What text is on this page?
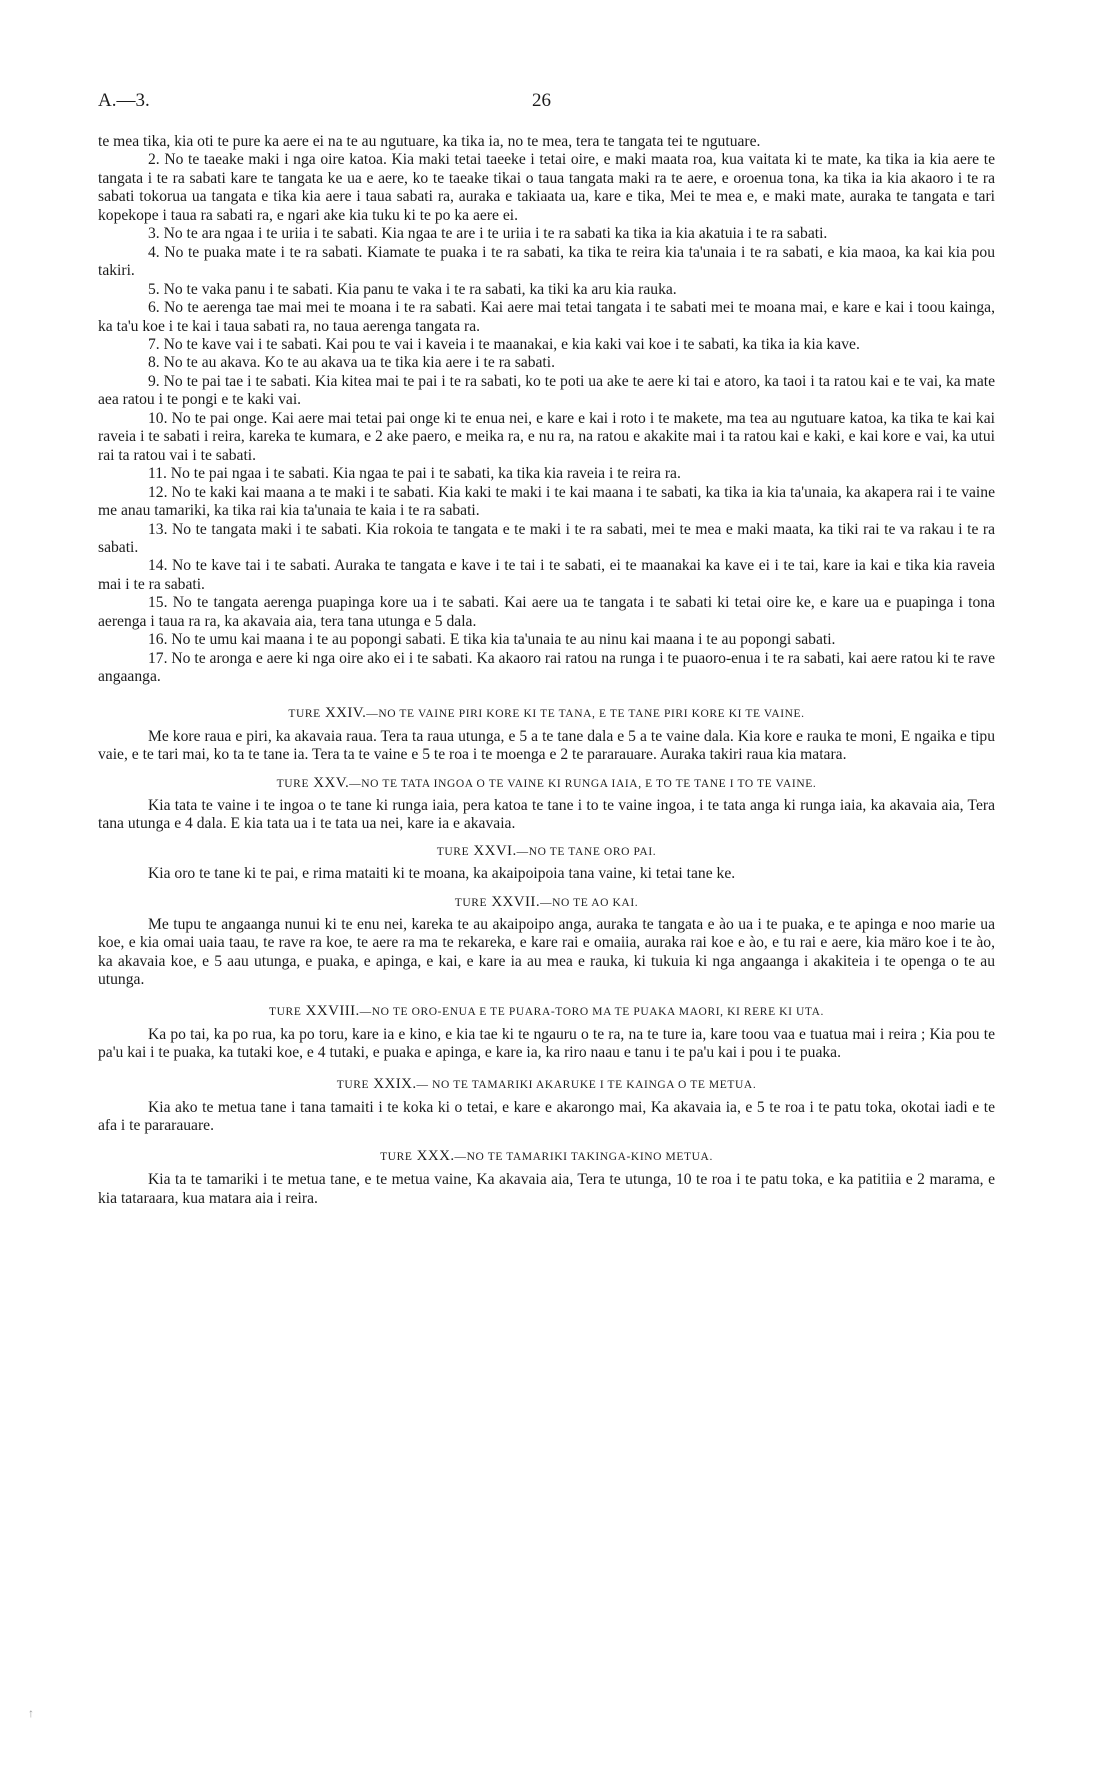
A.—3.	26

te mea tika, kia oti te pure ka aere ei na te au ngutuare, ka tika ia, no te mea, tera te tangata tei te ngutuare.

2. No te taeake maki i nga oire katoa. Kia maki tetai taeeke i tetai oire, e maki maata roa, kua vaitata ki te mate, ka tika ia kia aere te tangata i te ra sabati kare te tangata ke ua e aere, ko te taeake tikai o taua tangata maki ra te aere, e oroenua tona, ka tika ia kia akaoro i te ra sabati tokorua ua tangata e tika kia aere i taua sabati ra, auraka e takiaata ua, kare e tika, Mei te mea e, e maki mate, auraka te tangata e tari kopekope i taua ra sabati ra, e ngari ake kia tuku ki te po ka aere ei.

3. No te ara ngaa i te uriia i te sabati. Kia ngaa te are i te uriia i te ra sabati ka tika ia kia akatuia i te ra sabati.

4. No te puaka mate i te ra sabati. Kiamate te puaka i te ra sabati, ka tika te reira kia ta'unaia i te ra sabati, e kia maoa, ka kai kia pou takiri.

5. No te vaka panu i te sabati. Kia panu te vaka i te ra sabati, ka tiki ka aru kia rauka.

6. No te aerenga tae mai mei te moana i te ra sabati. Kai aere mai tetai tangata i te sabati mei te moana mai, e kare e kai i toou kainga, ka ta'u koe i te kai i taua sabati ra, no taua aerenga tangata ra.

7. No te kave vai i te sabati. Kai pou te vai i kaveia i te maanakai, e kia kaki vai koe i te sabati, ka tika ia kia kave.

8. No te au akava. Ko te au akava ua te tika kia aere i te ra sabati.

9. No te pai tae i te sabati. Kia kitea mai te pai i te ra sabati, ko te poti ua ake te aere ki tai e atoro, ka taoi i ta ratou kai e te vai, ka mate aea ratou i te pongi e te kaki vai.

10. No te pai onge. Kai aere mai tetai pai onge ki te enua nei, e kare e kai i roto i te makete, ma tea au ngutuare katoa, ka tika te kai kai raveia i te sabati i reira, kareka te kumara, e 2 ake paero, e meika ra, e nu ra, na ratou e akakite mai i ta ratou kai e kaki, e kai kore e vai, ka utui rai ta ratou vai i te sabati.

11. No te pai ngaa i te sabati. Kia ngaa te pai i te sabati, ka tika kia raveia i te reira ra.

12. No te kaki kai maana a te maki i te sabati. Kia kaki te maki i te kai maana i te sabati, ka tika ia kia ta'unaia, ka akapera rai i te vaine me anau tamariki, ka tika rai kia ta'unaia te kaia i te ra sabati.

13. No te tangata maki i te sabati. Kia rokoia te tangata e te maki i te ra sabati, mei te mea e maki maata, ka tiki rai te va rakau i te ra sabati.

14. No te kave tai i te sabati. Auraka te tangata e kave i te tai i te sabati, ei te maanakai ka kave ei i te tai, kare ia kai e tika kia raveia mai i te ra sabati.

15. No te tangata aerenga puapinga kore ua i te sabati. Kai aere ua te tangata i te sabati ki tetai oire ke, e kare ua e puapinga i tona aerenga i taua ra ra, ka akavaia aia, tera tana utunga e 5 dala.

16. No te umu kai maana i te au popongi sabati. E tika kia ta'unaia te au ninu kai maana i te au popongi sabati.

17. No te aronga e aere ki nga oire ako ei i te sabati. Ka akaoro rai ratou na runga i te puaoro-enua i te ra sabati, kai aere ratou ki te rave angaanga.

TURE XXIV.—NO TE VAINE PIRI KORE KI TE TANA, E TE TANE PIRI KORE KI TE VAINE.

Me kore raua e piri, ka akavaia raua. Tera ta raua utunga, e 5 a te tane dala e 5 a te vaine dala. Kia kore e rauka te moni, E ngaika e tipu vaie, e te tari mai, ko ta te tane ia. Tera ta te vaine e 5 te roa i te moenga e 2 te pararauare. Auraka takiri raua kia matara.

TURE XXV.—NO TE TATA INGOA O TE VAINE KI RUNGA IAIA, E TO TE TANE I TO TE VAINE.

Kia tata te vaine i te ingoa o te tane ki runga iaia, pera katoa te tane i to te vaine ingoa, i te tata anga ki runga iaia, ka akavaia aia, Tera tana utunga e 4 dala. E kia tata ua i te tata ua nei, kare ia e akavaia.

TURE XXVI.—NO TE TANE ORO PAI.

Kia oro te tane ki te pai, e rima mataiti ki te moana, ka akaipoipoia tana vaine, ki tetai tane ke.

TURE XXVII.—NO TE AO KAI.

Me tupu te angaanga nunui ki te enu nei, kareka te au akaipoipo anga, auraka te tangata e ào ua i te puaka, e te apinga e noo marie ua koe, e kia omai uaia taau, te rave ra koe, te aere ra ma te rekareka, e kare rai e omaiia, auraka rai koe e ào, e tu rai e aere, kia märo koe i te ào, ka akavaia koe, e 5 aau utunga, e puaka, e apinga, e kai, e kare ia au mea e rauka, ki tukuia ki nga angaanga i akakiteia i te openga o te au utunga.

TURE XXVIII.—NO TE ORO-ENUA E TE PUARA-TORO MA TE PUAKA MAORI, KI RERE KI UTA.

Ka po tai, ka po rua, ka po toru, kare ia e kino, e kia tae ki te ngauru o te ra, na te ture ia, kare toou vaa e tuatua mai i reira ; Kia pou te pa'u kai i te puaka, ka tutaki koe, e 4 tutaki, e puaka e apinga, e kare ia, ka riro naau e tanu i te pa'u kai i pou i te puaka.

TURE XXIX.— NO TE TAMARIKI AKARUKE I TE KAINGA O TE METUA.

Kia ako te metua tane i tana tamaiti i te koka ki o tetai, e kare e akarongo mai, Ka akavaia ia, e 5 te roa i te patu toka, okotai iadi e te afa i te pararauare.

TURE XXX.—NO TE TAMARIKI TAKINGA-KINO METUA.

Kia ta te tamariki i te metua tane, e te metua vaine, Ka akavaia aia, Tera te utunga, 10 te roa i te patu toka, e ka patitiia e 2 marama, e kia tataraara, kua matara aia i reira.

↑
